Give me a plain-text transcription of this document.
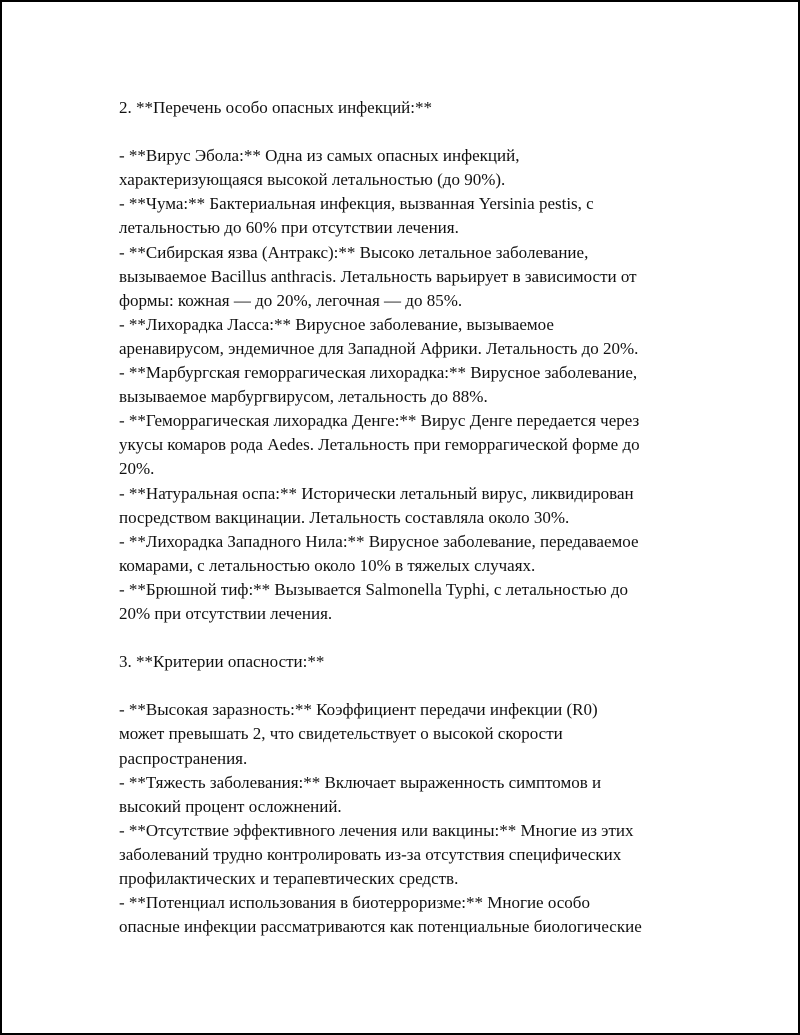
2. **Перечень особо опасных инфекций:**
- **Вирус Эбола:** Одна из самых опасных инфекций,
характеризующаяся высокой летальностью (до 90%).
- **Чума:** Бактериальная инфекция, вызванная Yersinia pestis, с
летальностью до 60% при отсутствии лечения.
- **Сибирская язва (Антракс):** Высоко летальное заболевание,
вызываемое Bacillus anthracis. Летальность варьирует в зависимости от
формы: кожная — до 20%, легочная — до 85%.
- **Лихорадка Ласса:** Вирусное заболевание, вызываемое
аренавирусом, эндемичное для Западной Африки. Летальность до 20%.
- **Марбургская геморрагическая лихорадка:** Вирусное заболевание,
вызываемое марбургвирусом, летальность до 88%.
- **Геморрагическая лихорадка Денге:** Вирус Денге передается через
укусы комаров рода Aedes. Летальность при геморрагической форме до
20%.
- **Натуральная оспа:** Исторически летальный вирус, ликвидирован
посредством вакцинации. Летальность составляла около 30%.
- **Лихорадка Западного Нила:** Вирусное заболевание, передаваемое
комарами, с летальностью около 10% в тяжелых случаях.
- **Брюшной тиф:** Вызывается Salmonella Typhi, с летальностью до
20% при отсутствии лечения.
3. **Критерии опасности:**
- **Высокая заразность:** Коэффициент передачи инфекции (R0)
может превышать 2, что свидетельствует о высокой скорости
распространения.
- **Тяжесть заболевания:** Включает выраженность симптомов и
высокий процент осложнений.
- **Отсутствие эффективного лечения или вакцины:** Многие из этих
заболеваний трудно контролировать из-за отсутствия специфических
профилактических и терапевтических средств.
- **Потенциал использования в биотерроризме:** Многие особо
опасные инфекции рассматриваются как потенциальные биологические
